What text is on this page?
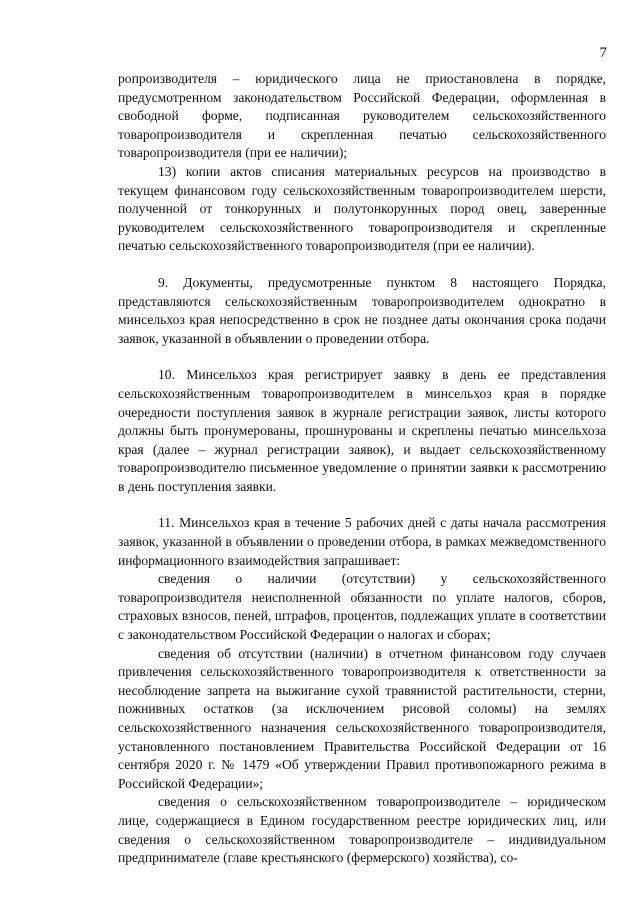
7

ропроизводителя – юридического лица не приостановлена в порядке, предусмотренном законодательством Российской Федерации, оформленная в свободной форме, подписанная руководителем сельскохозяйственного товаропроизводителя и скрепленная печатью сельскохозяйственного товаропроизводителя (при ее наличии);

13) копии актов списания материальных ресурсов на производство в текущем финансовом году сельскохозяйственным товаропроизводителем шерсти, полученной от тонкорунных и полутонкорунных пород овец, заверенные руководителем сельскохозяйственного товаропроизводителя и скрепленные печатью сельскохозяйственного товаропроизводителя (при ее наличии).

9. Документы, предусмотренные пунктом 8 настоящего Порядка, представляются сельскохозяйственным товаропроизводителем однократно в минсельхоз края непосредственно в срок не позднее даты окончания срока подачи заявок, указанной в объявлении о проведении отбора.

10. Минсельхоз края регистрирует заявку в день ее представления сельскохозяйственным товаропроизводителем в минсельхоз края в порядке очередности поступления заявок в журнале регистрации заявок, листы которого должны быть пронумерованы, прошнурованы и скреплены печатью минсельхоза края (далее – журнал регистрации заявок), и выдает сельскохозяйственному товаропроизводителю письменное уведомление о принятии заявки к рассмотрению в день поступления заявки.

11. Минсельхоз края в течение 5 рабочих дней с даты начала рассмотрения заявок, указанной в объявлении о проведении отбора, в рамках межведомственного информационного взаимодействия запрашивает:

сведения о наличии (отсутствии) у сельскохозяйственного товаропроизводителя неисполненной обязанности по уплате налогов, сборов, страховых взносов, пеней, штрафов, процентов, подлежащих уплате в соответствии с законодательством Российской Федерации о налогах и сборах;

сведения об отсутствии (наличии) в отчетном финансовом году случаев привлечения сельскохозяйственного товаропроизводителя к ответственности за несоблюдение запрета на выжигание сухой травянистой растительности, стерни, пожнивных остатков (за исключением рисовой соломы) на землях сельскохозяйственного назначения сельскохозяйственного товаропроизводителя, установленного постановлением Правительства Российской Федерации от 16 сентября 2020 г. № 1479 «Об утверждении Правил противопожарного режима в Российской Федерации»;

сведения о сельскохозяйственном товаропроизводителе – юридическом лице, содержащиеся в Едином государственном реестре юридических лиц, или сведения о сельскохозяйственном товаропроизводителе – индивидуальном предпринимателе (главе крестьянского (фермерского) хозяйства), со-
